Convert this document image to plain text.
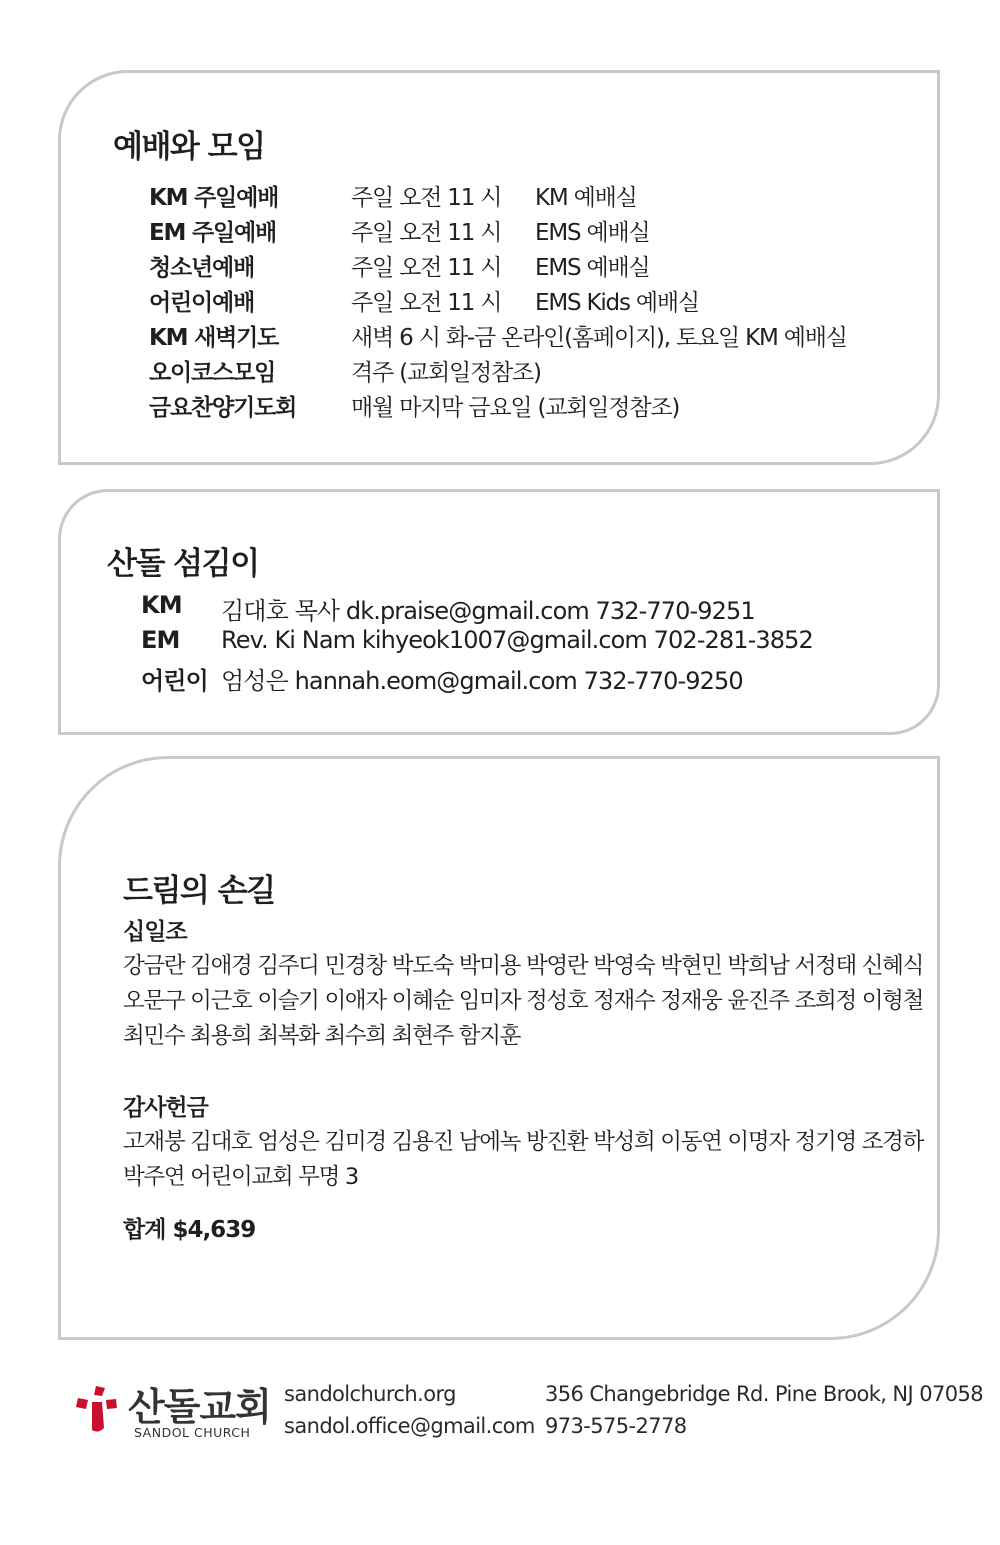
예배와 모임
KM 주일예배	주일 오전 11 시 KM 예배실
EM 주일예배	주일 오전 11 시 EMS 예배실
청소년예배	주일 오전 11 시 EMS 예배실
어린이예배	주일 오전 11 시 EMS Kids 예배실
KM 새벽기도	새벽 6 시 화-금 온라인(홈페이지), 토요일 KM 예배실
오이코스모임	격주 (교회일정참조)
금요찬양기도회 매월 마지막 금요일 (교회일정참조)
산돌 섬김이
KM 김대호 목사 dk.praise@gmail.com 732-770-9251
EM Rev. Ki Nam kihyeok1007@gmail.com 702-281-3852
어린이 엄성은 hannah.eom@gmail.com 732-770-9250
드림의 손길
십일조
강금란 김애경 김주디 민경창 박도숙 박미용 박영란 박영숙 박현민 박희남 서정태 신혜식
오문구 이근호 이슬기 이애자 이혜순 임미자 정성호 정재수 정재웅 윤진주 조희정 이형철
최민수 최용희 최복화 최수희 최현주 함지훈
감사헌금
고재붕 김대호 엄성은 김미경 김용진 남에녹 방진환 박성희 이동연 이명자 정기영 조경하
박주연 어린이교회 무명 3
합계 $4,639
산돌교회
SANDOL CHURCH
sandolchurch.org
sandol.office@gmail.com
356 Changebridge Rd. Pine Brook, NJ 07058
973-575-2778
